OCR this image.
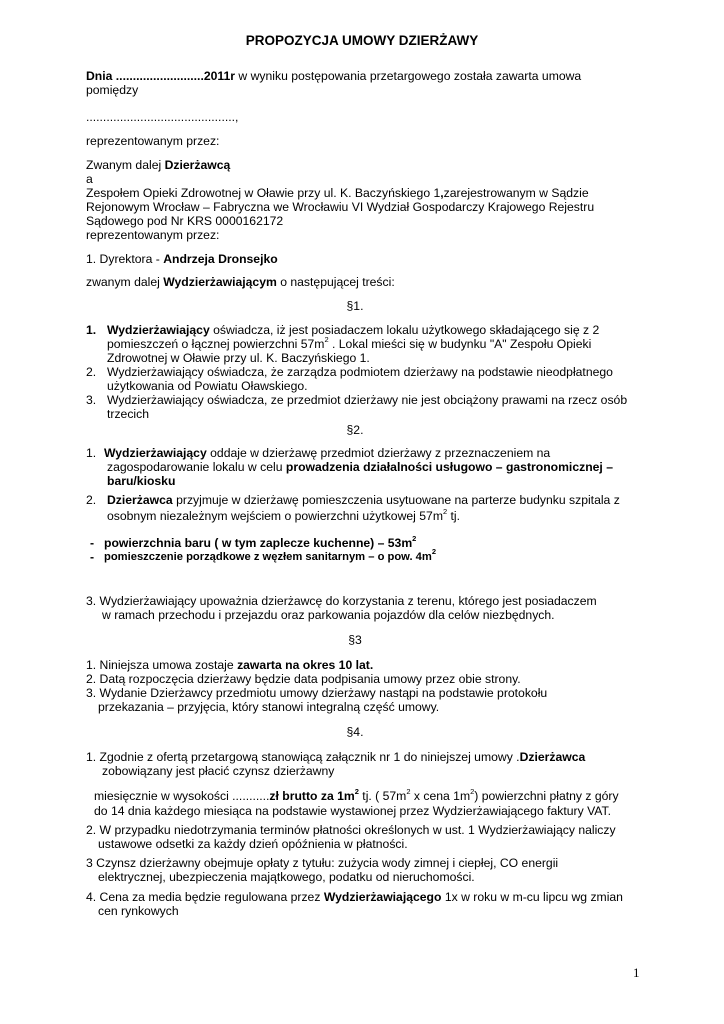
PROPOZYCJA UMOWY DZIERŻAWY
Dnia ..........................2011r w wyniku postępowania przetargowego została zawarta umowa
pomiędzy
............................................,
reprezentowanym przez:
Zwanym dalej Dzierżawcą
a
Zespołem Opieki Zdrowotnej w Oławie przy ul. K. Baczyńskiego 1,zarejestrowanym w Sądzie
Rejonowym Wrocław – Fabryczna we Wrocławiu VI Wydział Gospodarczy Krajowego Rejestru
Sądowego pod Nr KRS 0000162172
reprezentowanym przez:
1. Dyrektora - Andrzeja Dronsejko
zwanym dalej Wydzierżawiającym o następującej treści:
§1.
1. Wydzierżawiający oświadcza, iż jest posiadaczem lokalu użytkowego składającego się z 2
pomieszczeń o łącznej powierzchni $57m^2$ . Lokal mieści się w budynku "A" Zespołu Opieki
Zdrowotnej w Oławie przy ul. K. Baczyńskiego 1.
2. Wydzierżawiający oświadcza, że zarządza podmiotem dzierżawy na podstawie nieodpłatnego
użytkowania od Powiatu Oławskiego.
3. Wydzierżawiający oświadcza, ze przedmiot dzierżawy nie jest obciążony prawami na rzecz osób
trzecich
§2.
1. Wydzierżawiający oddaje w dzierżawę przedmiot dzierżawy z przeznaczeniem na
zagospodarowanie lokalu w celu prowadzenia działalności usługowo – gastronomicznej –
baru/kiosku
2. Dzierżawca przyjmuje w dzierżawę pomieszczenia usytuowane na parterze budynku szpitala z
osobnym niezależnym wejściem o powierzchni użytkowej $57m^2$ tj.
- powierzchnia baru ( w tym zaplecze kuchenne) – $53m^2$
- pomieszczenie porządkowe z węzłem sanitarnym – o pow. $4m^2$
3. Wydzierżawiający upoważnia dzierżawcę do korzystania z terenu, którego jest posiadaczem
w ramach przechodu i przejazdu oraz parkowania pojazdów dla celów niezbędnych.
§3
1. Niniejsza umowa zostaje zawarta na okres 10 lat.
2. Datą rozpoczęcia dzierżawy będzie data podpisania umowy przez obie strony.
3. Wydanie Dzierżawcy przedmiotu umowy dzierżawy nastąpi na podstawie protokołu
przekazania – przyjęcia, który stanowi integralną część umowy.
§4.
1. Zgodnie z ofertą przetargową stanowiącą załącznik nr 1 do niniejszej umowy .Dzierżawca
zobowiązany jest płacić czynsz dzierżawny
miesięcznie w wysokości ...........zł brutto za $1m^2$ tj. ( $57m^2$ x cena $1m^2$) powierzchni płatny z góry
do 14 dnia każdego miesiąca na podstawie wystawionej przez Wydzierżawiającego faktury VAT.
2. W przypadku niedotrzymania terminów płatności określonych w ust. 1 Wydzierżawiający naliczy
ustawowe odsetki za każdy dzień opóźnienia w płatności.
3 Czynsz dzierżawny obejmuje opłaty z tytułu: zużycia wody zimnej i ciepłej, CO energii
elektrycznej, ubezpieczenia majątkowego, podatku od nieruchomości.
4. Cena za media będzie regulowana przez Wydzierżawiającego 1x w roku w m-cu lipcu wg zmian
cen rynkowych
1
